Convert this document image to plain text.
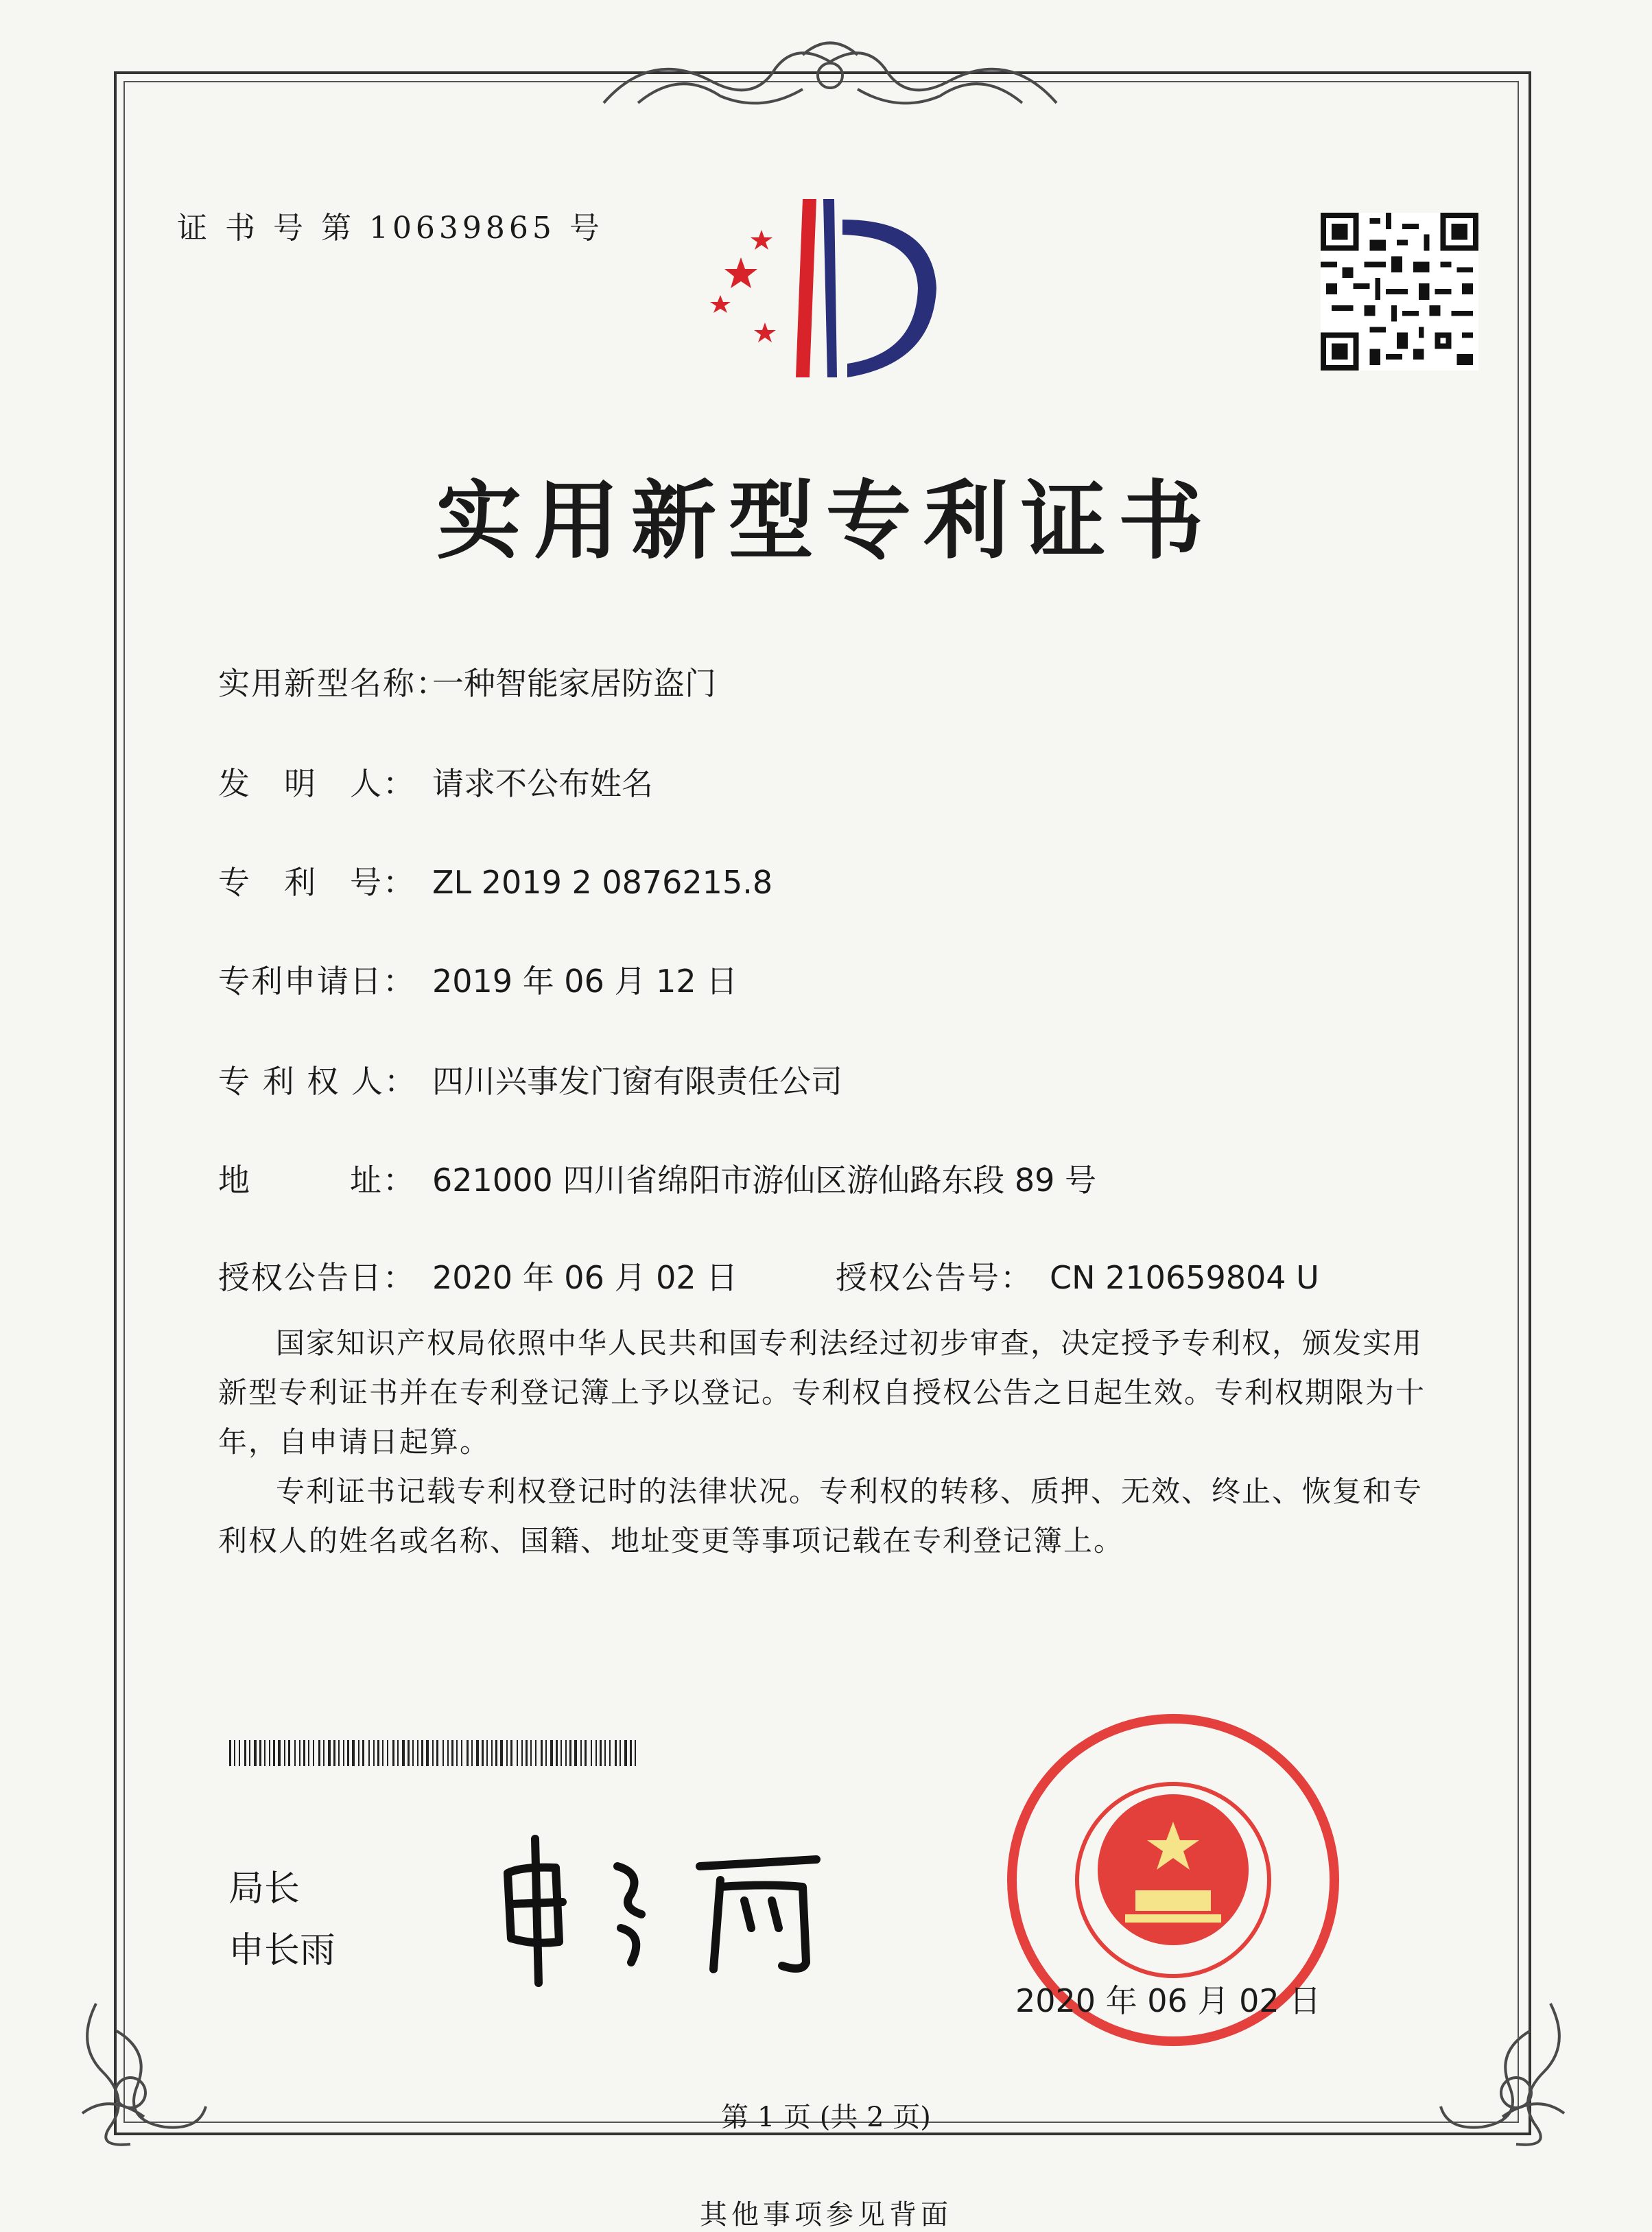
证 书 号 第 10639865 号
实用新型专利证书
实用新型名称：一种智能家居防盗门
发　明　人： 请求不公布姓名
专　利　号： ZL 2019 2 0876215.8
专利申请日： 2019 年 06 月 12 日
专 利 权 人： 四川兴事发门窗有限责任公司
地　　　址： 621000 四川省绵阳市游仙区游仙路东段 89 号
授权公告日： 2020 年 06 月 02 日	授权公告号： CN 210659804 U

国家知识产权局依照中华人民共和国专利法经过初步审查，决定授予专利权，颁发实用新型专利证书并在专利登记簿上予以登记。专利权自授权公告之日起生效。专利权期限为十年，自申请日起算。

专利证书记载专利权登记时的法律状况。专利权的转移、质押、无效、终止、恢复和专利权人的姓名或名称、国籍、地址变更等事项记载在专利登记簿上。

局长
申长雨
2020 年 06 月 02 日
第 1 页 (共 2 页)
其他事项参见背面
